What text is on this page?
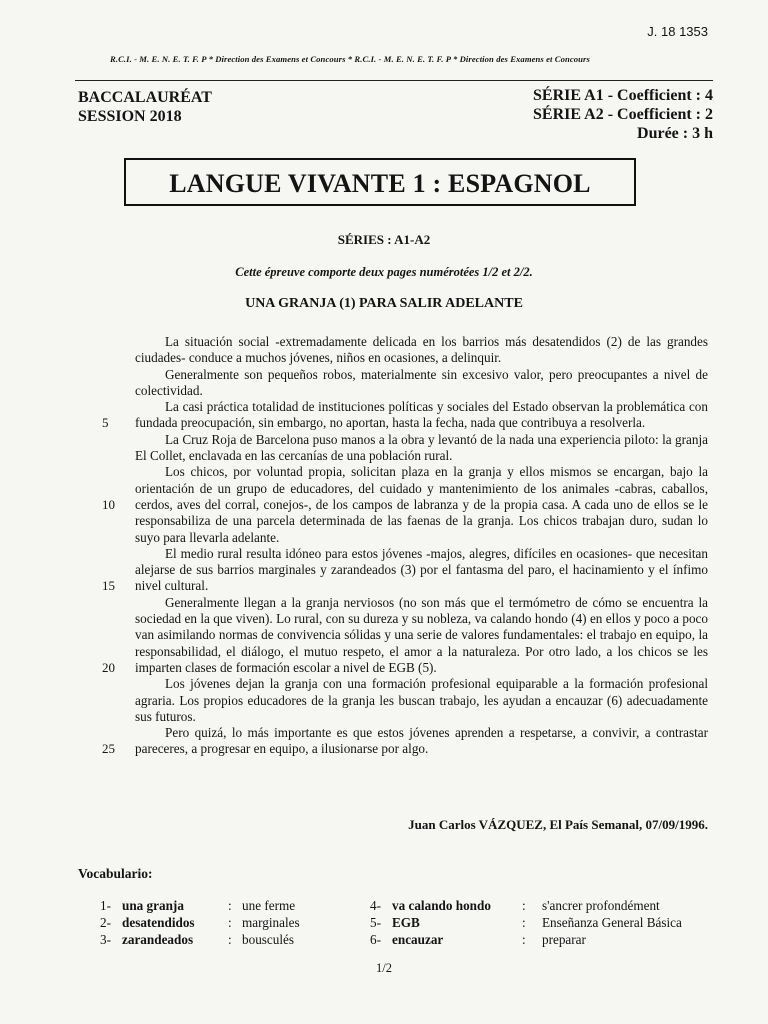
J. 18 1353
R.C.I. - M. E. N. E. T. F. P * Direction des Examens et Concours * R.C.I. - M. E. N. E. T. F. P * Direction des Examens et Concours
BACCALAURÉAT
SESSION 2018
SÉRIE A1 - Coefficient : 4
SÉRIE A2 - Coefficient : 2
Durée : 3 h
LANGUE VIVANTE 1 : ESPAGNOL
SÉRIES : A1-A2
Cette épreuve comporte deux pages numérotées 1/2 et 2/2.
UNA GRANJA (1) PARA SALIR ADELANTE
5
10
15
20
25

La situación social -extremadamente delicada en los barrios más desatendidos (2) de las grandes ciudades- conduce a muchos jóvenes, niños en ocasiones, a delinquir.

Generalmente son pequeños robos, materialmente sin excesivo valor, pero preocupantes a nivel de colectividad.

La casi práctica totalidad de instituciones políticas y sociales del Estado observan la problemática con fundada preocupación, sin embargo, no aportan, hasta la fecha, nada que contribuya a resolverla.

La Cruz Roja de Barcelona puso manos a la obra y levantó de la nada una experiencia piloto: la granja El Collet, enclavada en las cercanías de una población rural.

Los chicos, por voluntad propia, solicitan plaza en la granja y ellos mismos se encargan, bajo la orientación de un grupo de educadores, del cuidado y mantenimiento de los animales -cabras, caballos, cerdos, aves del corral, conejos-, de los campos de labranza y de la propia casa. A cada uno de ellos se le responsabiliza de una parcela determinada de las faenas de la granja. Los chicos trabajan duro, sudan lo suyo para llevarla adelante.

El medio rural resulta idóneo para estos jóvenes -majos, alegres, difíciles en ocasiones- que necesitan alejarse de sus barrios marginales y zarandeados (3) por el fantasma del paro, el hacinamiento y el ínfimo nivel cultural.

Generalmente llegan a la granja nerviosos (no son más que el termómetro de cómo se encuentra la sociedad en la que viven). Lo rural, con su dureza y su nobleza, va calando hondo (4) en ellos y poco a poco van asimilando normas de convivencia sólidas y una serie de valores fundamentales: el trabajo en equipo, la responsabilidad, el diálogo, el mutuo respeto, el amor a la naturaleza. Por otro lado, a los chicos se les imparten clases de formación escolar a nivel de EGB (5).

Los jóvenes dejan la granja con una formación profesional equiparable a la formación profesional agraria. Los propios educadores de la granja les buscan trabajo, les ayudan a encauzar (6) adecuadamente sus futuros.

Pero quizá, lo más importante es que estos jóvenes aprenden a respetarse, a convivir, a contrastar pareceres, a progresar en equipo, a ilusionarse por algo.

Juan Carlos VÁZQUEZ, El País Semanal, 07/09/1996.
Vocabulario:
1- una granja	: une ferme
2- desatendidos	: marginales
3- zarandeados	: bousculés
4- va calando hondo	:	s'ancrer profondément
5- EGB	:	Enseñanza General Básica
6- encauzar	:	preparar
1/2
